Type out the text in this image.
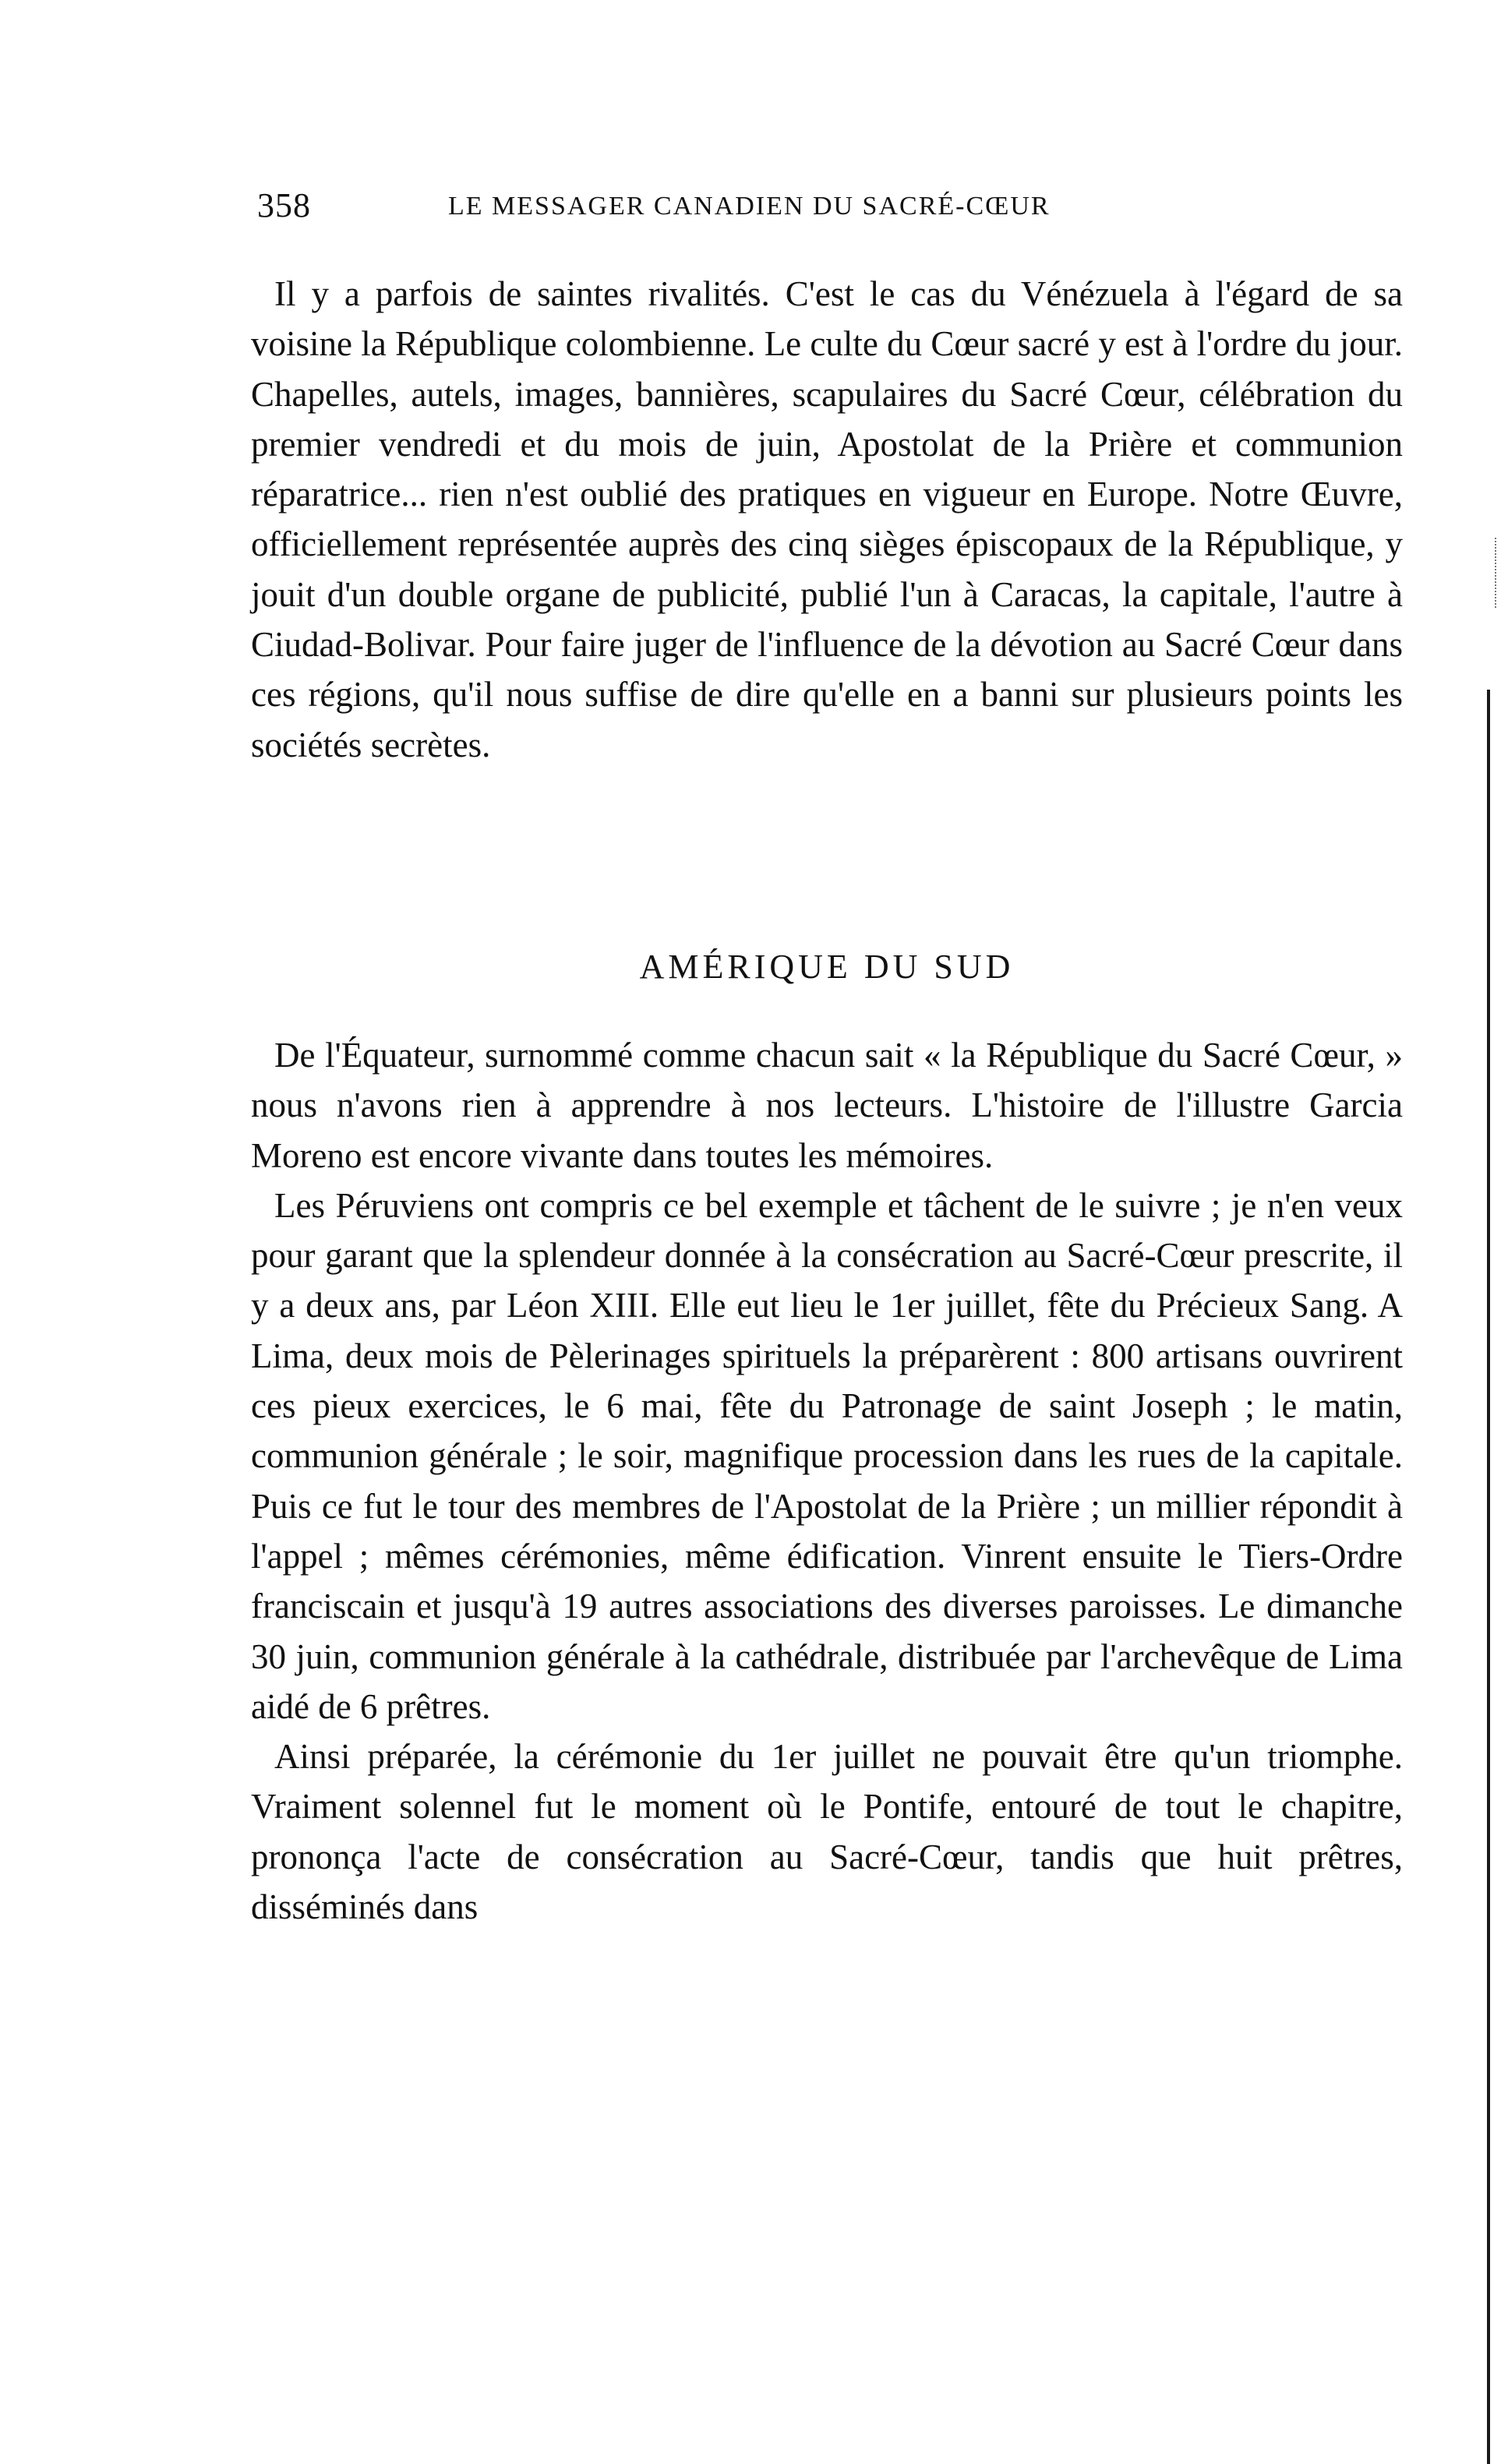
358	LE MESSAGER CANADIEN DU SACRÉ-CŒUR

Il y a parfois de saintes rivalités. C'est le cas du Vénézuela à l'égard de sa voisine la République colombienne. Le culte du Cœur sacré y est à l'ordre du jour. Chapelles, autels, images, bannières, scapulaires du Sacré Cœur, célébration du premier vendredi et du mois de juin, Apostolat de la Prière et communion réparatrice... rien n'est oublié des pratiques en vigueur en Europe. Notre Œuvre, officiellement représentée auprès des cinq sièges épiscopaux de la République, y jouit d'un double organe de publicité, publié l'un à Caracas, la capitale, l'autre à Ciudad-Bolivar. Pour faire juger de l'influence de la dévotion au Sacré Cœur dans ces régions, qu'il nous suffise de dire qu'elle en a banni sur plusieurs points les sociétés secrètes.

AMÉRIQUE DU SUD

De l'Équateur, surnommé comme chacun sait « la République du Sacré Cœur, » nous n'avons rien à apprendre à nos lecteurs. L'histoire de l'illustre Garcia Moreno est encore vivante dans toutes les mémoires.

Les Péruviens ont compris ce bel exemple et tâchent de le suivre ; je n'en veux pour garant que la splendeur donnée à la consécration au Sacré-Cœur prescrite, il y a deux ans, par Léon XIII. Elle eut lieu le 1er juillet, fête du Précieux Sang. A Lima, deux mois de Pèlerinages spirituels la préparèrent : 800 artisans ouvrirent ces pieux exercices, le 6 mai, fête du Patronage de saint Joseph ; le matin, communion générale ; le soir, magnifique procession dans les rues de la capitale. Puis ce fut le tour des membres de l'Apostolat de la Prière ; un millier répondit à l'appel ; mêmes cérémonies, même édification. Vinrent ensuite le Tiers-Ordre franciscain et jusqu'à 19 autres associations des diverses paroisses. Le dimanche 30 juin, communion générale à la cathédrale, distribuée par l'archevêque de Lima aidé de 6 prêtres.

Ainsi préparée, la cérémonie du 1er juillet ne pouvait être qu'un triomphe. Vraiment solennel fut le moment où le Pontife, entouré de tout le chapitre, prononça l'acte de consécration au Sacré-Cœur, tandis que huit prêtres, disséminés dans
